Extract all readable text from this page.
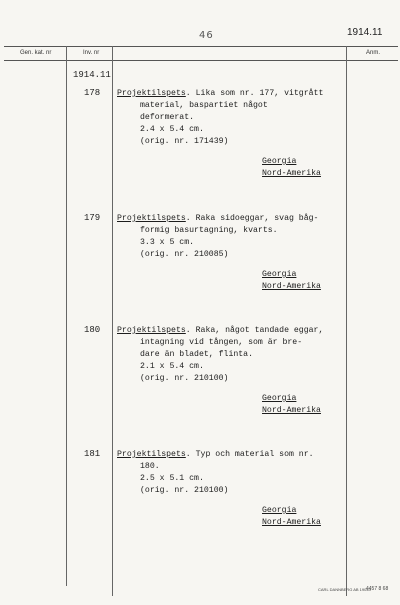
46	1914.11
Gen. kat. nr	Inv. nr	Anm.
1914.11
178 Projektilspets. Lika som nr. 177, vitgrått
material, baspartiet något
deformerat.
2.4 x 5.4 cm.
(orig. nr. 171439)
Georgia
Nord-Amerika
179 Projektilspets. Raka sidoeggar, svag båg-
formig basurtagning, kvarts.
3.3 x 5 cm.
(orig. nr. 210085)
Georgia
Nord-Amerika
180 Projektilspets. Raka, något tandade eggar,
intagning vid tången, som är bre-
dare än bladet, flinta.
2.1 x 5.4 cm.
(orig. nr. 210100)
Georgia
Nord-Amerika
181 Projektilspets. Typ och material som nr.
180.
2.5 x 5.1 cm.
(orig. nr. 210100)
Georgia
Nord-Amerika
CARL DANNBERG AB 19043
4457 8 68
